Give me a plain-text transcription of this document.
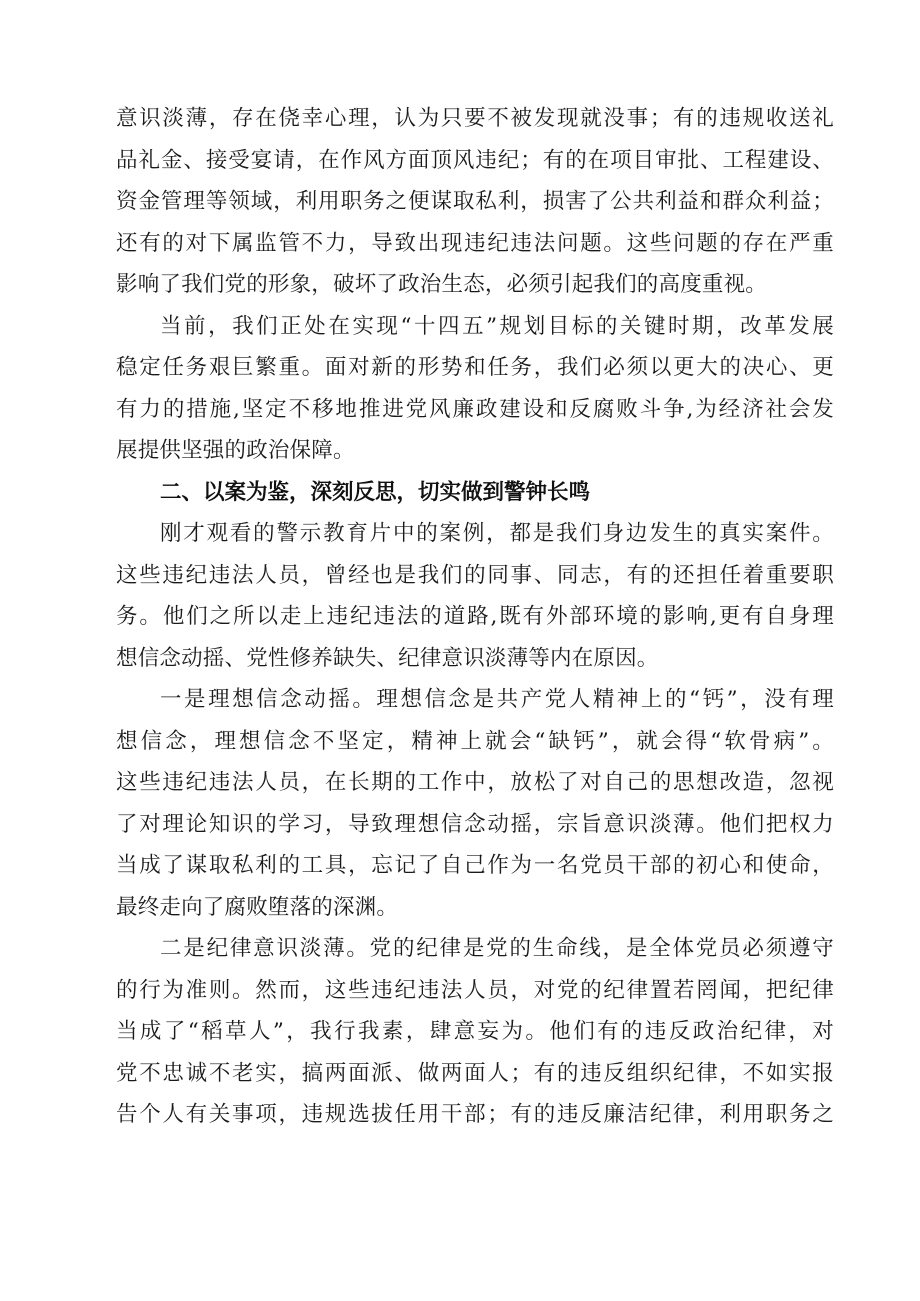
意识淡薄，存在侥幸心理，认为只要不被发现就没事；有的违规收送礼
品礼金、接受宴请，在作风方面顶风违纪；有的在项目审批、工程建设、
资金管理等领域，利用职务之便谋取私利，损害了公共利益和群众利益；
还有的对下属监管不力，导致出现违纪违法问题。这些问题的存在严重
影响了我们党的形象，破坏了政治生态，必须引起我们的高度重视。

当前，我们正处在实现“十四五”规划目标的关键时期，改革发展
稳定任务艰巨繁重。面对新的形势和任务，我们必须以更大的决心、更
有力的措施,坚定不移地推进党风廉政建设和反腐败斗争,为经济社会发
展提供坚强的政治保障。

二、以案为鉴，深刻反思，切实做到警钟长鸣

刚才观看的警示教育片中的案例，都是我们身边发生的真实案件。
这些违纪违法人员，曾经也是我们的同事、同志，有的还担任着重要职
务。他们之所以走上违纪违法的道路,既有外部环境的影响,更有自身理
想信念动摇、党性修养缺失、纪律意识淡薄等内在原因。

一是理想信念动摇。理想信念是共产党人精神上的“钙”，没有理
想信念，理想信念不坚定，精神上就会“缺钙”，就会得“软骨病”。
这些违纪违法人员，在长期的工作中，放松了对自己的思想改造，忽视
了对理论知识的学习，导致理想信念动摇，宗旨意识淡薄。他们把权力
当成了谋取私利的工具，忘记了自己作为一名党员干部的初心和使命，
最终走向了腐败堕落的深渊。

二是纪律意识淡薄。党的纪律是党的生命线，是全体党员必须遵守
的行为准则。然而，这些违纪违法人员，对党的纪律置若罔闻，把纪律
当成了“稻草人”，我行我素，肆意妄为。他们有的违反政治纪律，对
党不忠诚不老实，搞两面派、做两面人；有的违反组织纪律，不如实报
告个人有关事项，违规选拔任用干部；有的违反廉洁纪律，利用职务之
